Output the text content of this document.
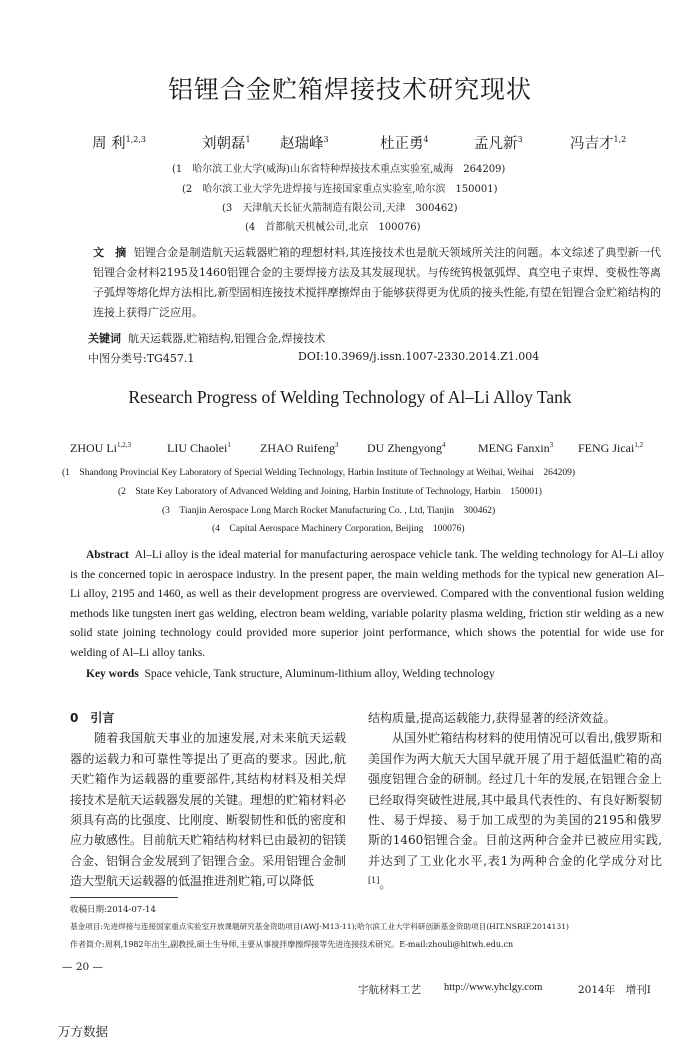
铝锂合金贮箱焊接技术研究现状
周 利$^{1,2,3}$	刘朝磊$^1$ 赵瑞峰$^3$	杜正勇$^4$	孟凡新$^3$	冯吉才$^{1,2}$
(1　哈尔滨工业大学(威海)山东省特种焊接技术重点实验室,威海　264209)
(2　哈尔滨工业大学先进焊接与连接国家重点实验室,哈尔滨　150001)
(3　天津航天长征火箭制造有限公司,天津　300462)
(4　首都航天机械公司,北京　100076)
文　摘 铝锂合金是制造航天运载器贮箱的理想材料,其连接技术也是航天领域所关注的问题。本文综述了典型新一代铝锂合金材料2195及1460铝锂合金的主要焊接方法及其发展现状。与传统钨极氩弧焊、真空电子束焊、变极性等离子弧焊等熔化焊方法相比,新型固相连接技术搅拌摩擦焊由于能够获得更为优质的接头性能,有望在铝锂合金贮箱结构的连接上获得广泛应用。
关键词 航天运载器,贮箱结构,铝锂合金,焊接技术
中图分类号:TG457.1	DOI:10.3969/j.issn.1007-2330.2014.Z1.004
Research Progress of Welding Technology of Al–Li Alloy Tank
ZHOU Li$^{1,2,3}$	LIU Chaolei$^1$ ZHAO Ruifeng$^3$ DU Zhengyong$^4$	MENG Fanxin$^3$ FENG Jicai$^{1,2}$
(1　Shandong Provincial Key Laboratory of Special Welding Technology, Harbin Institute of Technology at Weihai, Weihai　264209)
(2　State Key Laboratory of Advanced Welding and Joining, Harbin Institute of Technology, Harbin　150001)
(3　Tianjin Aerospace Long March Rocket Manufacturing Co. , Ltd, Tianjin　300462)
(4　Capital Aerospace Machinery Corporation, Beijing　100076)
Abstract Al–Li alloy is the ideal material for manufacturing aerospace vehicle tank. The welding technology for Al–Li alloy is the concerned topic in aerospace industry. In the present paper, the main welding methods for the typical new generation Al–Li alloy, 2195 and 1460, as well as their development progress are overviewed. Compared with the conventional fusion welding methods like tungsten inert gas welding, electron beam welding, variable polarity plasma welding, friction stir welding as a new solid state joining technology could provided more superior joint performance, which shows the potential for wide use for welding of Al–Li alloy tanks.
Key words Space vehicle, Tank structure, Aluminum-lithium alloy, Welding technology

0　引言

随着我国航天事业的加速发展,对未来航天运载器的运载力和可靠性等提出了更高的要求。因此,航天贮箱作为运载器的重要部件,其结构材料及相关焊接技术是航天运载器发展的关键。理想的贮箱材料必须具有高的比强度、比刚度、断裂韧性和低的密度和应力敏感性。目前航天贮箱结构材料已由最初的铝镁合金、铝铜合金发展到了铝锂合金。采用铝锂合金制造大型航天运载器的低温推进剂贮箱,可以降低

结构质量,提高运载能力,获得显著的经济效益。

从国外贮箱结构材料的使用情况可以看出,俄罗斯和美国作为两大航天大国早就开展了用于超低温贮箱的高强度铝锂合金的研制。经过几十年的发展,在铝锂合金上已经取得突破性进展,其中最具代表性的、有良好断裂韧性、易于焊接、易于加工成型的为美国的2195和俄罗斯的1460铝锂合金。目前这两种合金并已被应用实践,并达到了工业化水平,表1为两种合金的化学成分对比[1]。

收稿日期:2014-07-14
基金项目:先进焊接与连接国家重点实验室开放课题研究基金资助项目(AWJ-M13-11);哈尔滨工业大学科研创新基金资助项目(HIT.NSRIF.2014131)
作者简介:周利,1982年出生,副教授,硕士生导师,主要从事搅拌摩擦焊接等先进连接技术研究。E-mail:zhouli@hitwh.edu.cn
— 20 —
宇航材料工艺 http://www.yhclgy.com	2014年　增刊Ⅰ
万方数据
